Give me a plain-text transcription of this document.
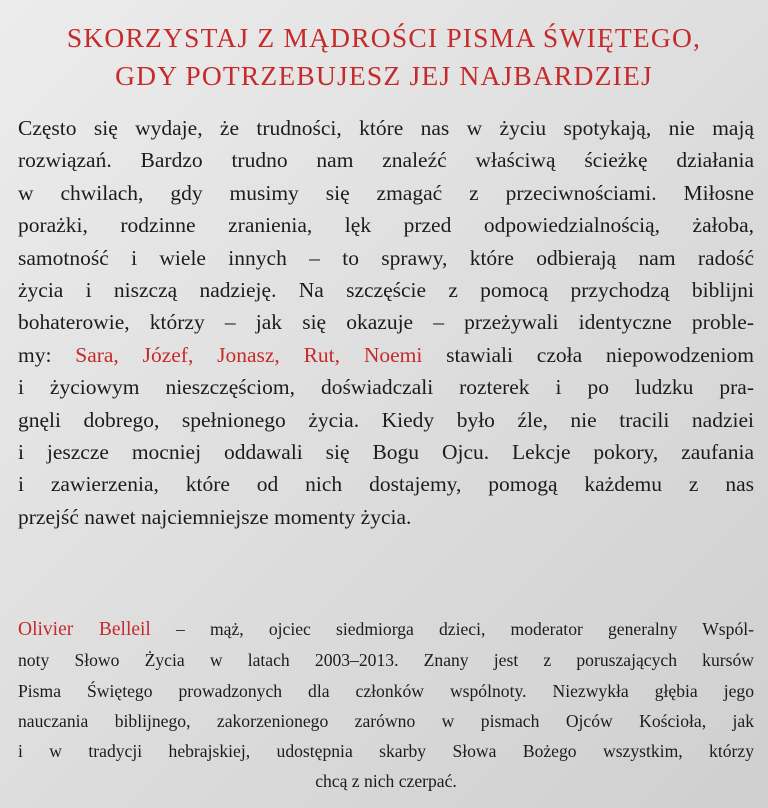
SKORZYSTAJ Z MĄDROŚCI PISMA ŚWIĘTEGO,
GDY POTRZEBUJESZ JEJ NAJBARDZIEJ
Często się wydaje, że trudności, które nas w życiu spotykają, nie mają
rozwiązań. Bardzo trudno nam znaleźć właściwą ścieżkę działania
w chwilach, gdy musimy się zmagać z przeciwnościami. Miłosne
porażki, rodzinne zranienia, lęk przed odpowiedzialnością, żałoba,
samotność i wiele innych – to sprawy, które odbierają nam radość
życia i niszczą nadzieję. Na szczęście z pomocą przychodzą biblijni
bohaterowie, którzy – jak się okazuje – przeżywali identyczne proble-
my: Sara, Józef, Jonasz, Rut, Noemi stawiali czoła niepowodzeniom
i życiowym nieszczęściom, doświadczali rozterek i po ludzku pra-
gnęli dobrego, spełnionego życia. Kiedy było źle, nie tracili nadziei
i jeszcze mocniej oddawali się Bogu Ojcu. Lekcje pokory, zaufania
i zawierzenia, które od nich dostajemy, pomogą każdemu z nas
przejść nawet najciemniejsze momenty życia.
Olivier Belleil – mąż, ojciec siedmiorga dzieci, moderator generalny Wspól-
noty Słowo Życia w latach 2003–2013. Znany jest z poruszających kursów
Pisma Świętego prowadzonych dla członków wspólnoty. Niezwykła głębia jego
nauczania biblijnego, zakorzenionego zarówno w pismach Ojców Kościoła, jak
i w tradycji hebrajskiej, udostępnia skarby Słowa Bożego wszystkim, którzy
chcą z nich czerpać.
